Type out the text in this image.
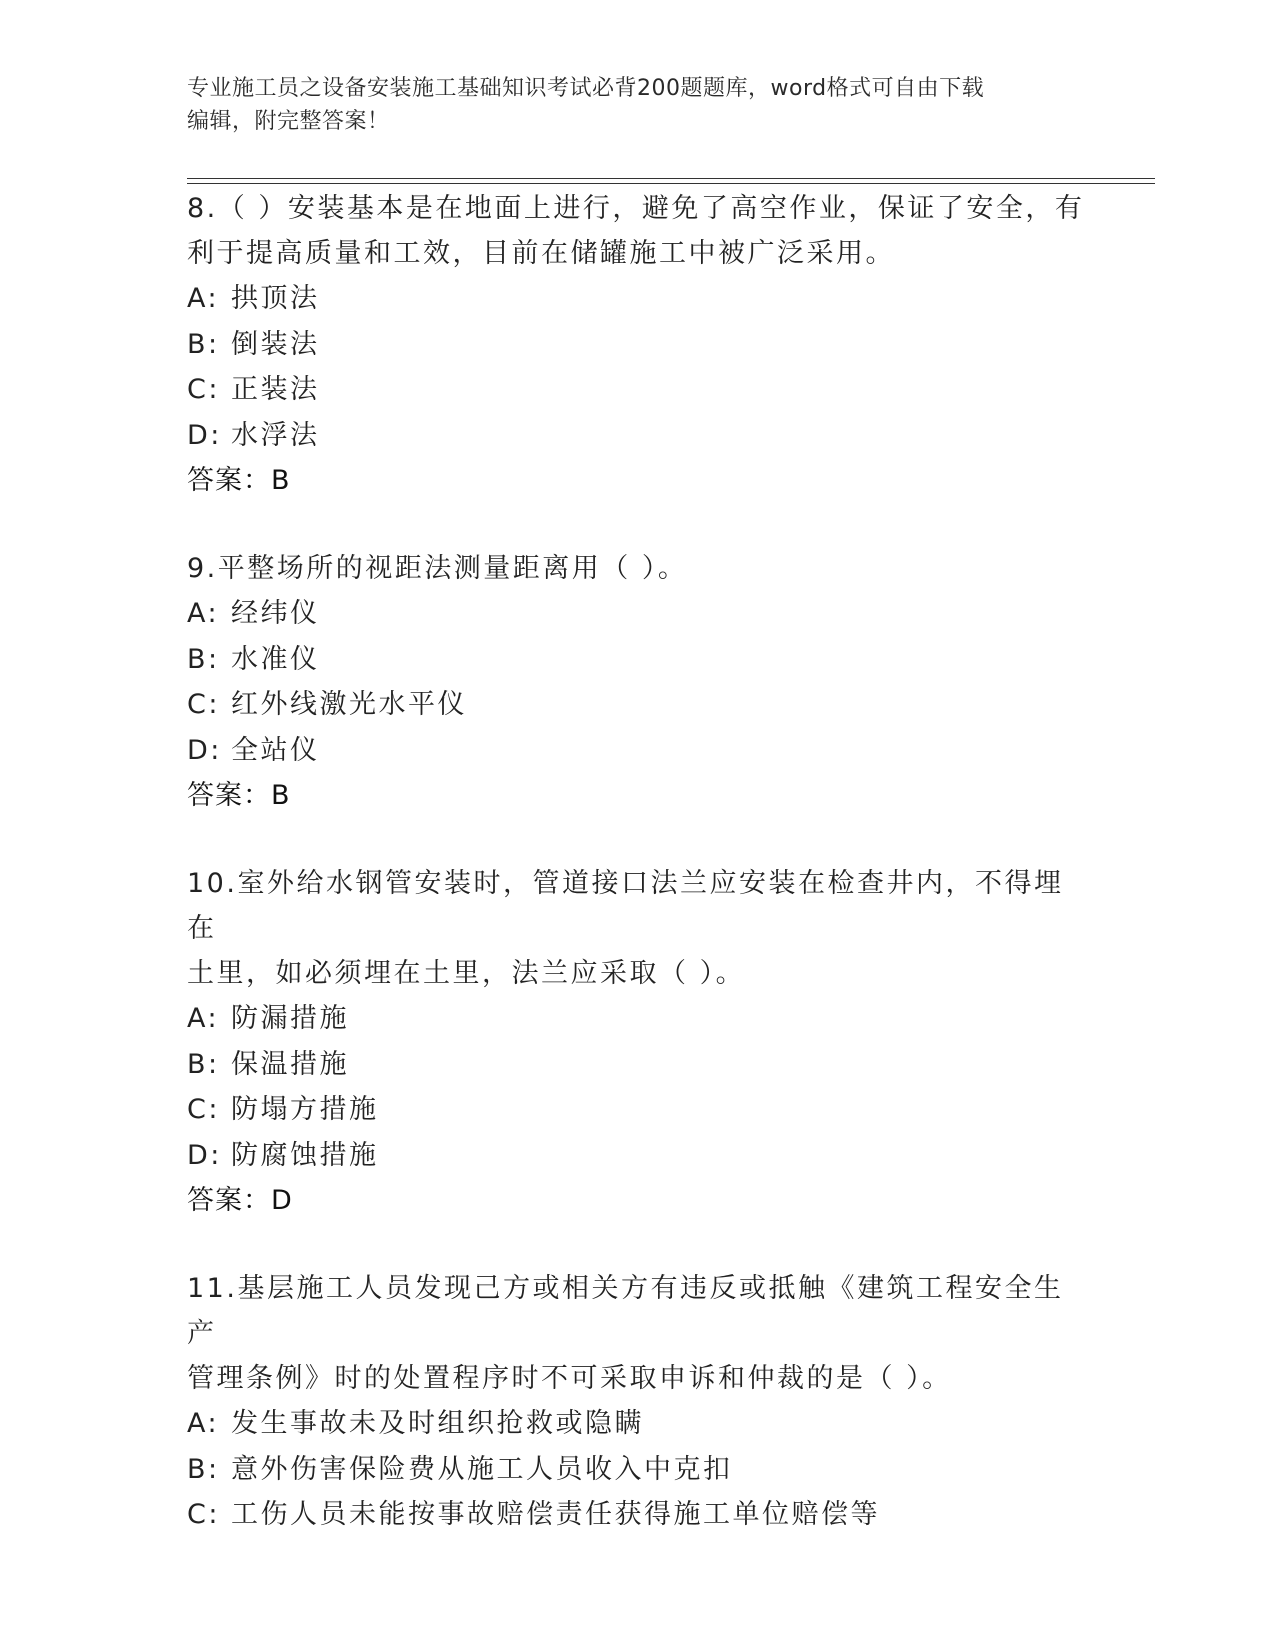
专业施工员之设备安装施工基础知识考试必背200题题库，word格式可自由下载
编辑，附完整答案！
8.（ ）安装基本是在地面上进行，避免了高空作业，保证了安全，有
利于提高质量和工效，目前在储罐施工中被广泛采用。
A: 拱顶法
B: 倒装法
C: 正装法
D: 水浮法
答案：B
9.平整场所的视距法测量距离用（ ）。
A: 经纬仪
B: 水准仪
C: 红外线激光水平仪
D: 全站仪
答案：B
10.室外给水钢管安装时，管道接口法兰应安装在检查井内，不得埋在
土里，如必须埋在土里，法兰应采取（ ）。
A: 防漏措施
B: 保温措施
C: 防塌方措施
D: 防腐蚀措施
答案：D
11.基层施工人员发现己方或相关方有违反或抵触《建筑工程安全生产
管理条例》时的处置程序时不可采取申诉和仲裁的是（ ）。
A: 发生事故未及时组织抢救或隐瞒
B: 意外伤害保险费从施工人员收入中克扣
C: 工伤人员未能按事故赔偿责任获得施工单位赔偿等
